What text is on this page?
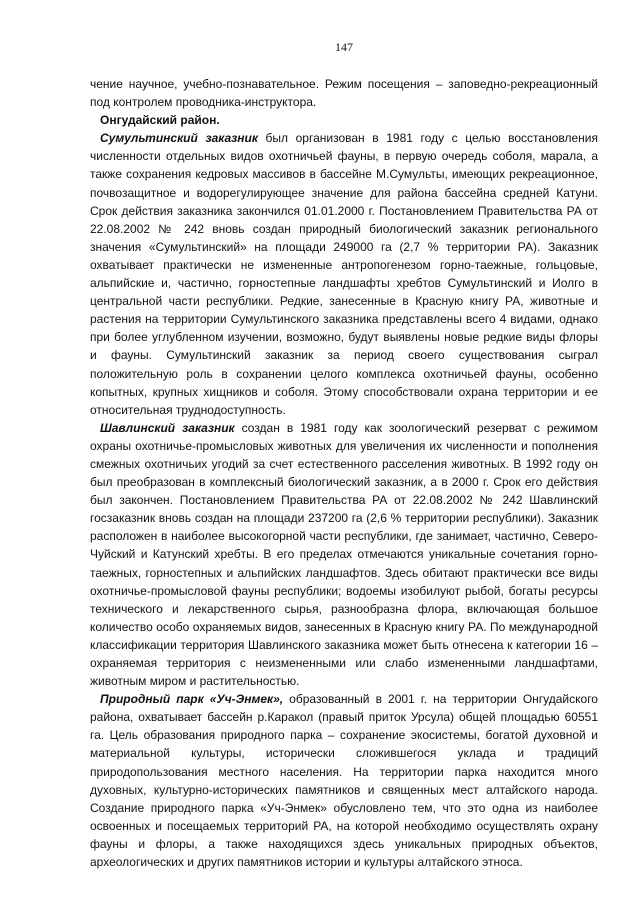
147

чение научное, учебно-познавательное. Режим посещения – заповедно-рекреационный под контролем проводника-инструктора.

Онгудайский район.

Сумультинский заказник был организован в 1981 году с целью восстановления численности отдельных видов охотничьей фауны, в первую очередь соболя, марала, а также сохранения кедровых массивов в бассейне М.Сумульты, имеющих рекреационное, почвозащитное и водорегулирующее значение для района бассейна средней Катуни. Срок действия заказника закончился 01.01.2000 г. Постановлением Правительства РА от 22.08.2002 № 242 вновь создан природный биологический заказник регионального значения «Сумультинский» на площади 249000 га (2,7 % территории РА). Заказник охватывает практически не измененные антропогенезом горно-таежные, гольцовые, альпийские и, частично, горностепные ландшафты хребтов Сумультинский и Иолго в центральной части республики. Редкие, занесенные в Красную книгу РА, животные и растения на территории Сумультинского заказника представлены всего 4 видами, однако при более углубленном изучении, возможно, будут выявлены новые редкие виды флоры и фауны. Сумультинский заказник за период своего существования сыграл положительную роль в сохранении целого комплекса охотничьей фауны, особенно копытных, крупных хищников и соболя. Этому способствовали охрана территории и ее относительная труднодоступность.

Шавлинский заказник создан в 1981 году как зоологический резерват с режимом охраны охотничье-промысловых животных для увеличения их численности и пополнения смежных охотничьих угодий за счет естественного расселения животных. В 1992 году он был преобразован в комплексный биологический заказник, а в 2000 г. Срок его действия был закончен. Постановлением Правительства РА от 22.08.2002 № 242 Шавлинский госзаказник вновь создан на площади 237200 га (2,6 % территории республики). Заказник расположен в наиболее высокогорной части республики, где занимает, частично, Северо-Чуйский и Катунский хребты. В его пределах отмечаются уникальные сочетания горно-таежных, горностепных и альпийских ландшафтов. Здесь обитают практически все виды охотничье-промысловой фауны республики; водоемы изобилуют рыбой, богаты ресурсы технического и лекарственного сырья, разнообразна флора, включающая большое количество особо охраняемых видов, занесенных в Красную книгу РА. По международной классификации территория Шавлинского заказника может быть отнесена к категории 16 – охраняемая территория с неизмененными или слабо измененными ландшафтами, животным миром и растительностью.

Природный парк «Уч-Энмек», образованный в 2001 г. на территории Онгудайского района, охватывает бассейн р.Каракол (правый приток Урсула) общей площадью 60551 га. Цель образования природного парка – сохранение экосистемы, богатой духовной и материальной культуры, исторически сложившегося уклада и традиций природопользования местного населения. На территории парка находится много духовных, культурно-исторических памятников и священных мест алтайского народа. Создание природного парка «Уч-Энмек» обусловлено тем, что это одна из наиболее освоенных и посещаемых территорий РА, на которой необходимо осуществлять охрану фауны и флоры, а также находящихся здесь уникальных природных объектов, археологических и других памятников истории и культуры алтайского этноса.
